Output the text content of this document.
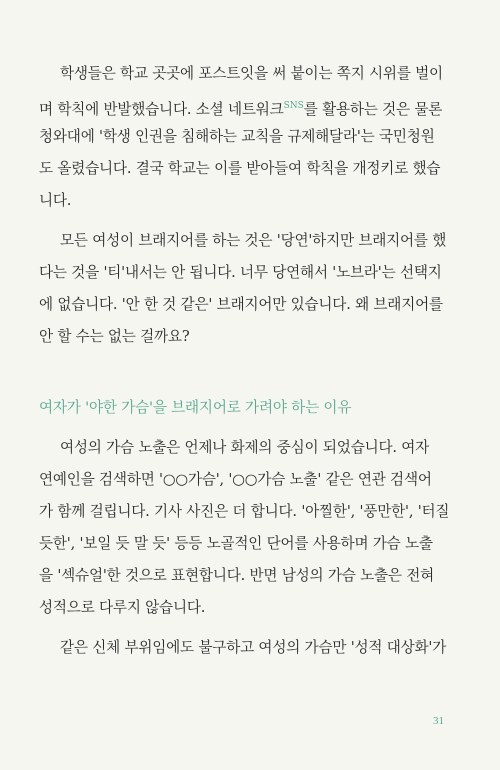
학생들은 학교 곳곳에 포스트잇을 써 붙이는 쪽지 시위를 벌이
며 학칙에 반발했습니다. 소셜 네트워크$^{SNS}$를 활용하는 것은 물론
청와대에 '학생 인권을 침해하는 교칙을 규제해달라'는 국민청원
도 올렸습니다. 결국 학교는 이를 받아들여 학칙을 개정키로 했습
니다.
모든 여성이 브래지어를 하는 것은 '당연'하지만 브래지어를 했
다는 것을 '티'내서는 안 됩니다. 너무 당연해서 '노브라'는 선택지
에 없습니다. '안 한 것 같은' 브래지어만 있습니다. 왜 브래지어를
안 할 수는 없는 걸까요?
여자가 '야한 가슴'을 브래지어로 가려야 하는 이유
여성의 가슴 노출은 언제나 화제의 중심이 되었습니다. 여자
연예인을 검색하면 '○○가슴', '○○가슴 노출' 같은 연관 검색어
가 함께 걸립니다. 기사 사진은 더 합니다. '아찔한', '풍만한', '터질
듯한', '보일 듯 말 듯' 등등 노골적인 단어를 사용하며 가슴 노출
을 '섹슈얼'한 것으로 표현합니다. 반면 남성의 가슴 노출은 전혀
성적으로 다루지 않습니다.
같은 신체 부위임에도 불구하고 여성의 가슴만 '성적 대상화'가
31
